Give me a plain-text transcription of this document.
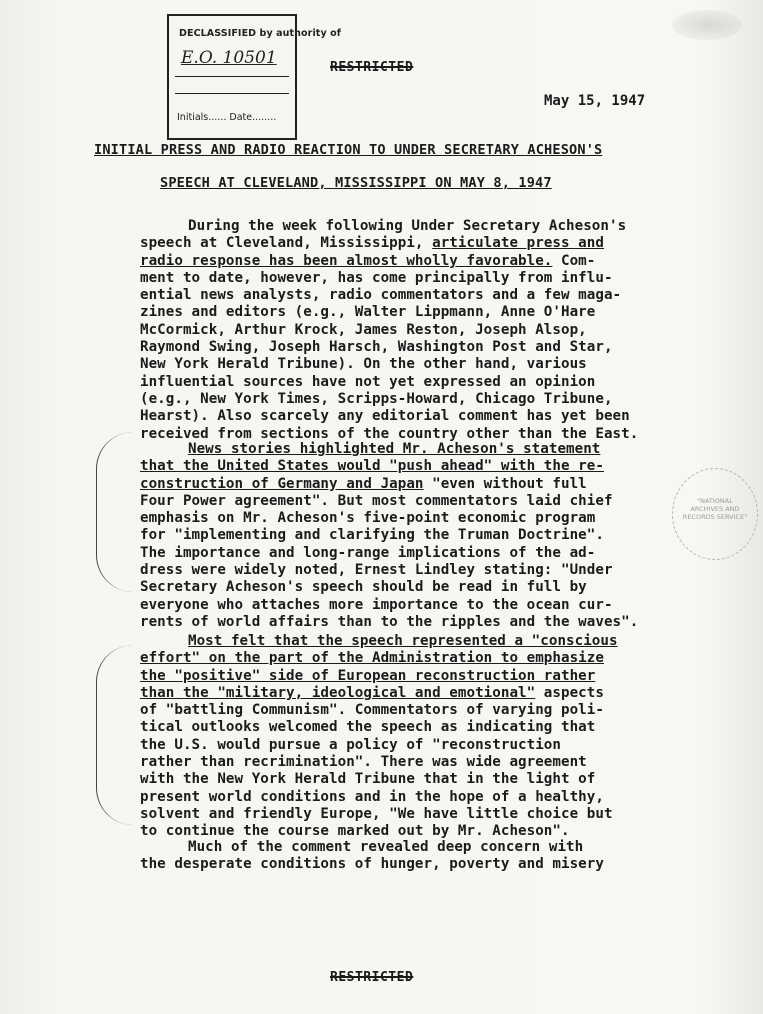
DECLASSIFIED by authority of
E.O. 10501
Initials...... Date........
RESTRICTED
May 15, 1947
INITIAL PRESS AND RADIO REACTION TO UNDER SECRETARY ACHESON'S
SPEECH AT CLEVELAND, MISSISSIPPI ON MAY 8, 1947
During the week following Under Secretary Acheson's
speech at Cleveland, Mississippi, articulate press and
radio response has been almost wholly favorable. Com-
ment to date, however, has come principally from influ-
ential news analysts, radio commentators and a few maga-
zines and editors (e.g., Walter Lippmann, Anne O'Hare
McCormick, Arthur Krock, James Reston, Joseph Alsop,
Raymond Swing, Joseph Harsch, Washington Post and Star,
New York Herald Tribune). On the other hand, various
influential sources have not yet expressed an opinion
(e.g., New York Times, Scripps-Howard, Chicago Tribune,
Hearst). Also scarcely any editorial comment has yet been
received from sections of the country other than the East.
News stories highlighted Mr. Acheson's statement
that the United States would "push ahead" with the re-
construction of Germany and Japan "even without full
Four Power agreement". But most commentators laid chief
emphasis on Mr. Acheson's five-point economic program
for "implementing and clarifying the Truman Doctrine".
The importance and long-range implications of the ad-
dress were widely noted, Ernest Lindley stating: "Under
Secretary Acheson's speech should be read in full by
everyone who attaches more importance to the ocean cur-
rents of world affairs than to the ripples and the waves".
"NATIONAL ARCHIVES AND RECORDS SERVICE"
Most felt that the speech represented a "conscious
effort" on the part of the Administration to emphasize
the "positive" side of European reconstruction rather
than the "military, ideological and emotional" aspects
of "battling Communism". Commentators of varying poli-
tical outlooks welcomed the speech as indicating that
the U.S. would pursue a policy of "reconstruction
rather than recrimination". There was wide agreement
with the New York Herald Tribune that in the light of
present world conditions and in the hope of a healthy,
solvent and friendly Europe, "We have little choice but
to continue the course marked out by Mr. Acheson".
Much of the comment revealed deep concern with
the desperate conditions of hunger, poverty and misery
RESTRICTED
